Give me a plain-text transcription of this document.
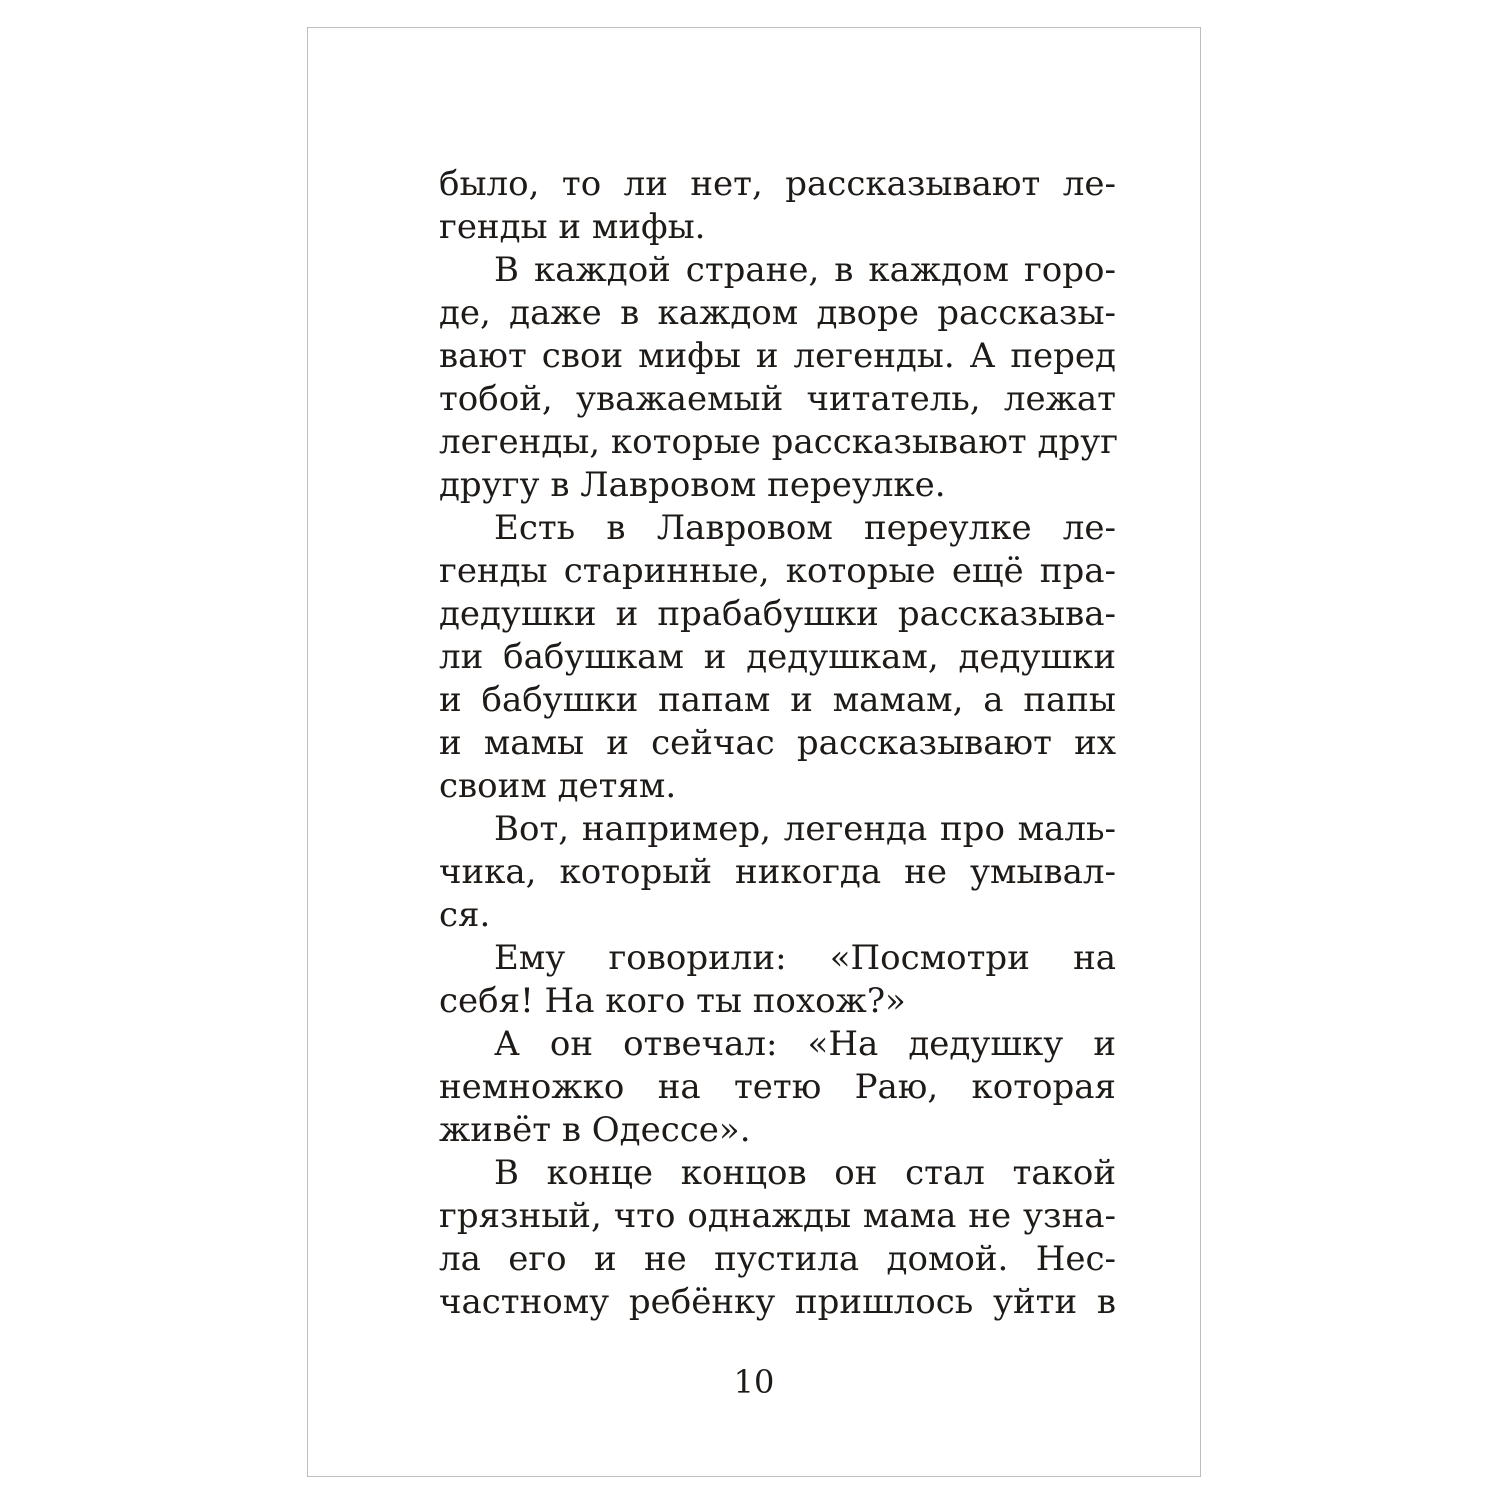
было, то ли нет, рассказывают ле-
генды и мифы.
В каждой стране, в каждом горо-
де, даже в каждом дворе рассказы-
вают свои мифы и легенды. А перед
тобой, уважаемый читатель, лежат
легенды, которые рассказывают друг
другу в Лавровом переулке.
Есть в Лавровом переулке ле-
генды старинные, которые ещё пра-
дедушки и прабабушки рассказыва-
ли бабушкам и дедушкам, дедушки
и бабушки папам и мамам, а папы
и мамы и сейчас рассказывают их
своим детям.
Вот, например, легенда про маль-
чика, который никогда не умывал-
ся.
Ему говорили: «Посмотри на
себя! На кого ты похож?»
А он отвечал: «На дедушку и
немножко на тетю Раю, которая
живёт в Одессе».
В конце концов он стал такой
грязный, что однажды мама не узна-
ла его и не пустила домой. Нес-
частному ребёнку пришлось уйти в
10
